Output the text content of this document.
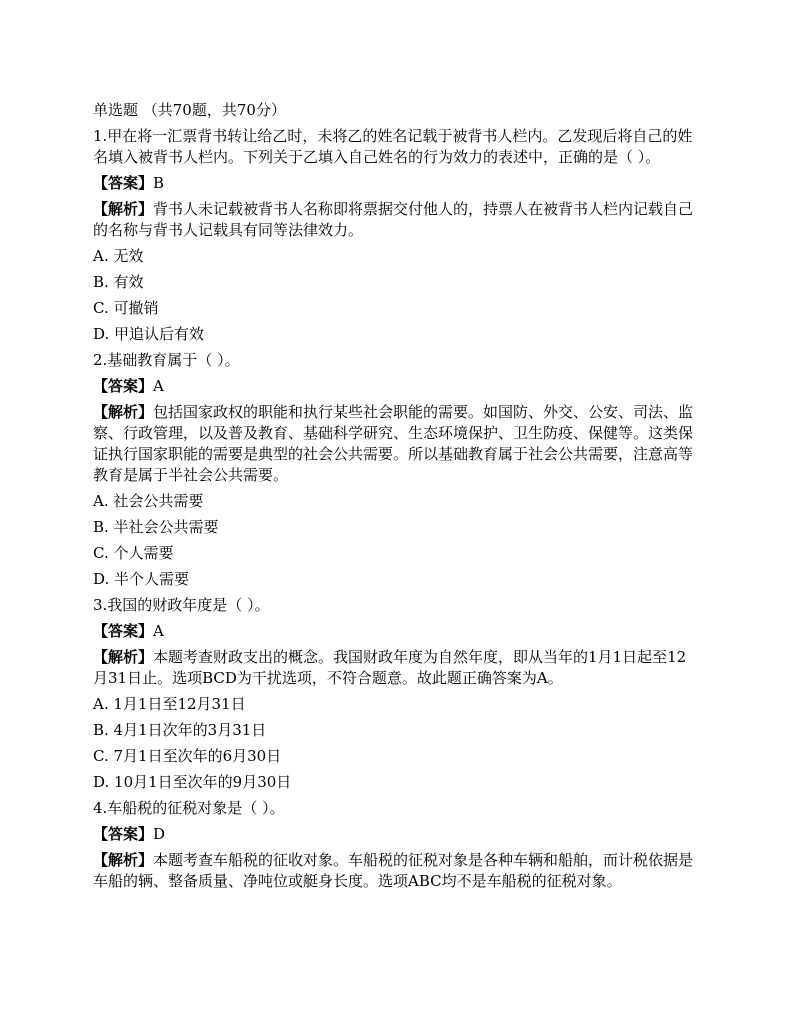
单选题 （共70题，共70分）

1.甲在将一汇票背书转让给乙时，未将乙的姓名记载于被背书人栏内。乙发现后将自己的姓名填入被背书人栏内。下列关于乙填入自己姓名的行为效力的表述中，正确的是（ ）。

【答案】B

【解析】背书人未记载被背书人名称即将票据交付他人的，持票人在被背书人栏内记载自己的名称与背书人记载具有同等法律效力。

A. 无效

B. 有效

C. 可撤销

D. 甲追认后有效

2.基础教育属于（ ）。

【答案】A

【解析】包括国家政权的职能和执行某些社会职能的需要。如国防、外交、公安、司法、监察、行政管理，以及普及教育、基础科学研究、生态环境保护、卫生防疫、保健等。这类保证执行国家职能的需要是典型的社会公共需要。所以基础教育属于社会公共需要，注意高等教育是属于半社会公共需要。

A. 社会公共需要

B. 半社会公共需要

C. 个人需要

D. 半个人需要

3.我国的财政年度是（ ）。

【答案】A

【解析】本题考查财政支出的概念。我国财政年度为自然年度，即从当年的1月1日起至12月31日止。选项BCD为干扰选项，不符合题意。故此题正确答案为A。

A. 1月1日至12月31日

B. 4月1日次年的3月31日

C. 7月1日至次年的6月30日

D. 10月1日至次年的9月30日

4.车船税的征税对象是（ ）。

【答案】D

【解析】本题考查车船税的征收对象。车船税的征税对象是各种车辆和船舶，而计税依据是车船的辆、整备质量、净吨位或艇身长度。选项ABC均不是车船税的征税对象。
